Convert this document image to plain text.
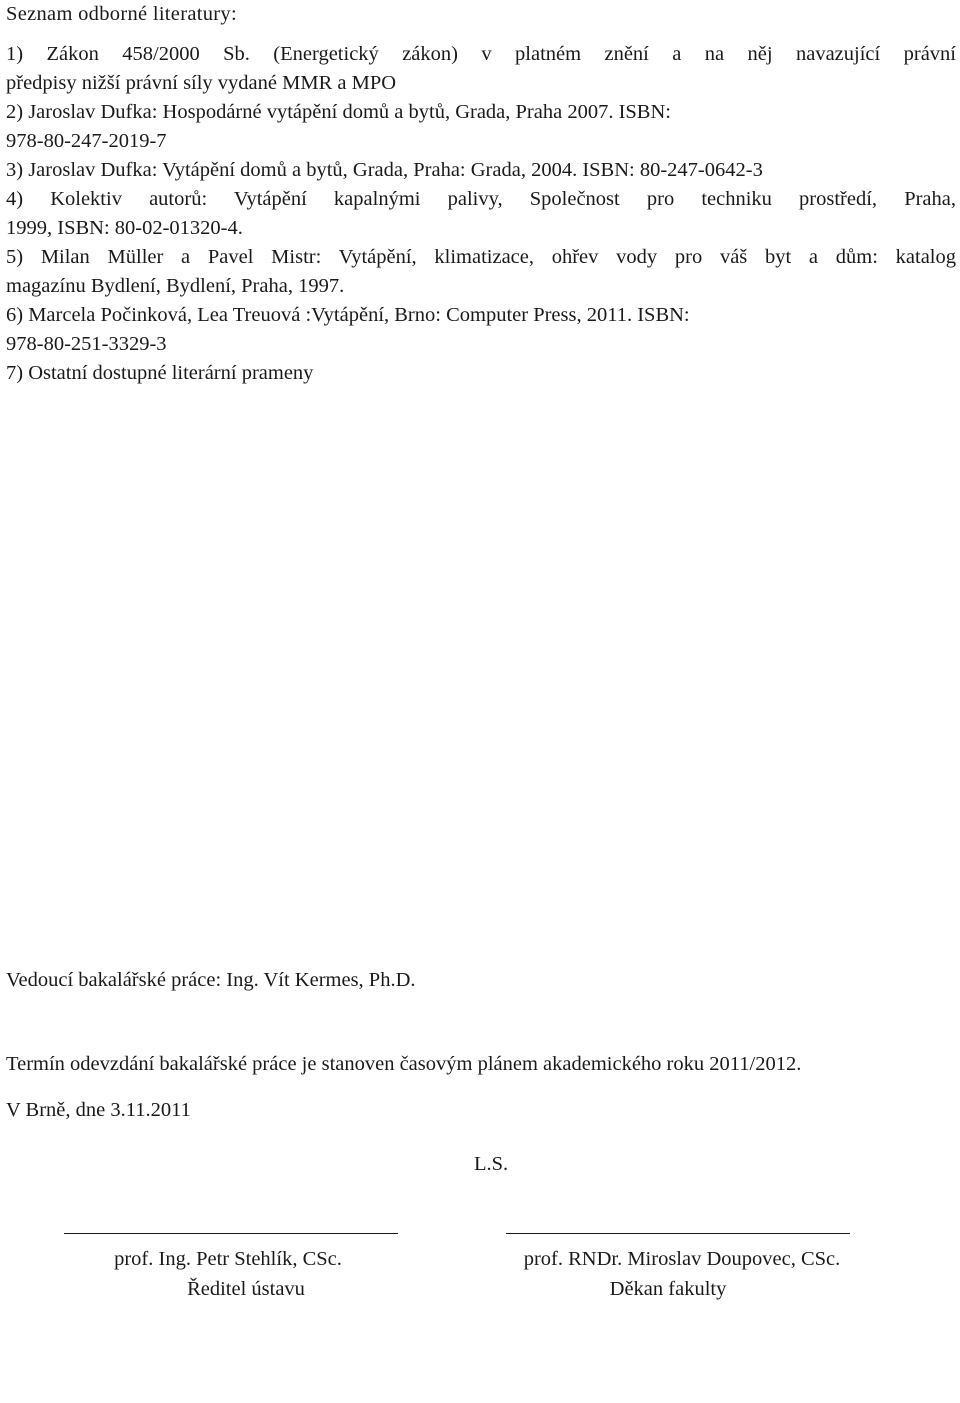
Seznam odborné literatury:
1) Zákon 458/2000 Sb. (Energetický zákon) v platném znění a na něj navazující právní
předpisy nižší právní síly vydané MMR a MPO
2) Jaroslav Dufka: Hospodárné vytápění domů a bytů, Grada, Praha 2007. ISBN:
978-80-247-2019-7
3) Jaroslav Dufka: Vytápění domů a bytů, Grada, Praha: Grada, 2004. ISBN: 80-247-0642-3
4) Kolektiv autorů: Vytápění kapalnými palivy, Společnost pro techniku prostředí, Praha,
1999, ISBN: 80-02-01320-4.
5) Milan Müller a Pavel Mistr: Vytápění, klimatizace, ohřev vody pro váš byt a dům: katalog
magazínu Bydlení, Bydlení, Praha, 1997.
6) Marcela Počinková, Lea Treuová :Vytápění, Brno: Computer Press, 2011. ISBN:
978-80-251-3329-3
7) Ostatní dostupné literární prameny
Vedoucí bakalářské práce: Ing. Vít Kermes, Ph.D.
Termín odevzdání bakalářské práce je stanoven časovým plánem akademického roku 2011/2012.
V Brně, dne 3.11.2011
L.S.
prof. Ing. Petr Stehlík, CSc.
Ředitel ústavu
prof. RNDr. Miroslav Doupovec, CSc.
Děkan fakulty
